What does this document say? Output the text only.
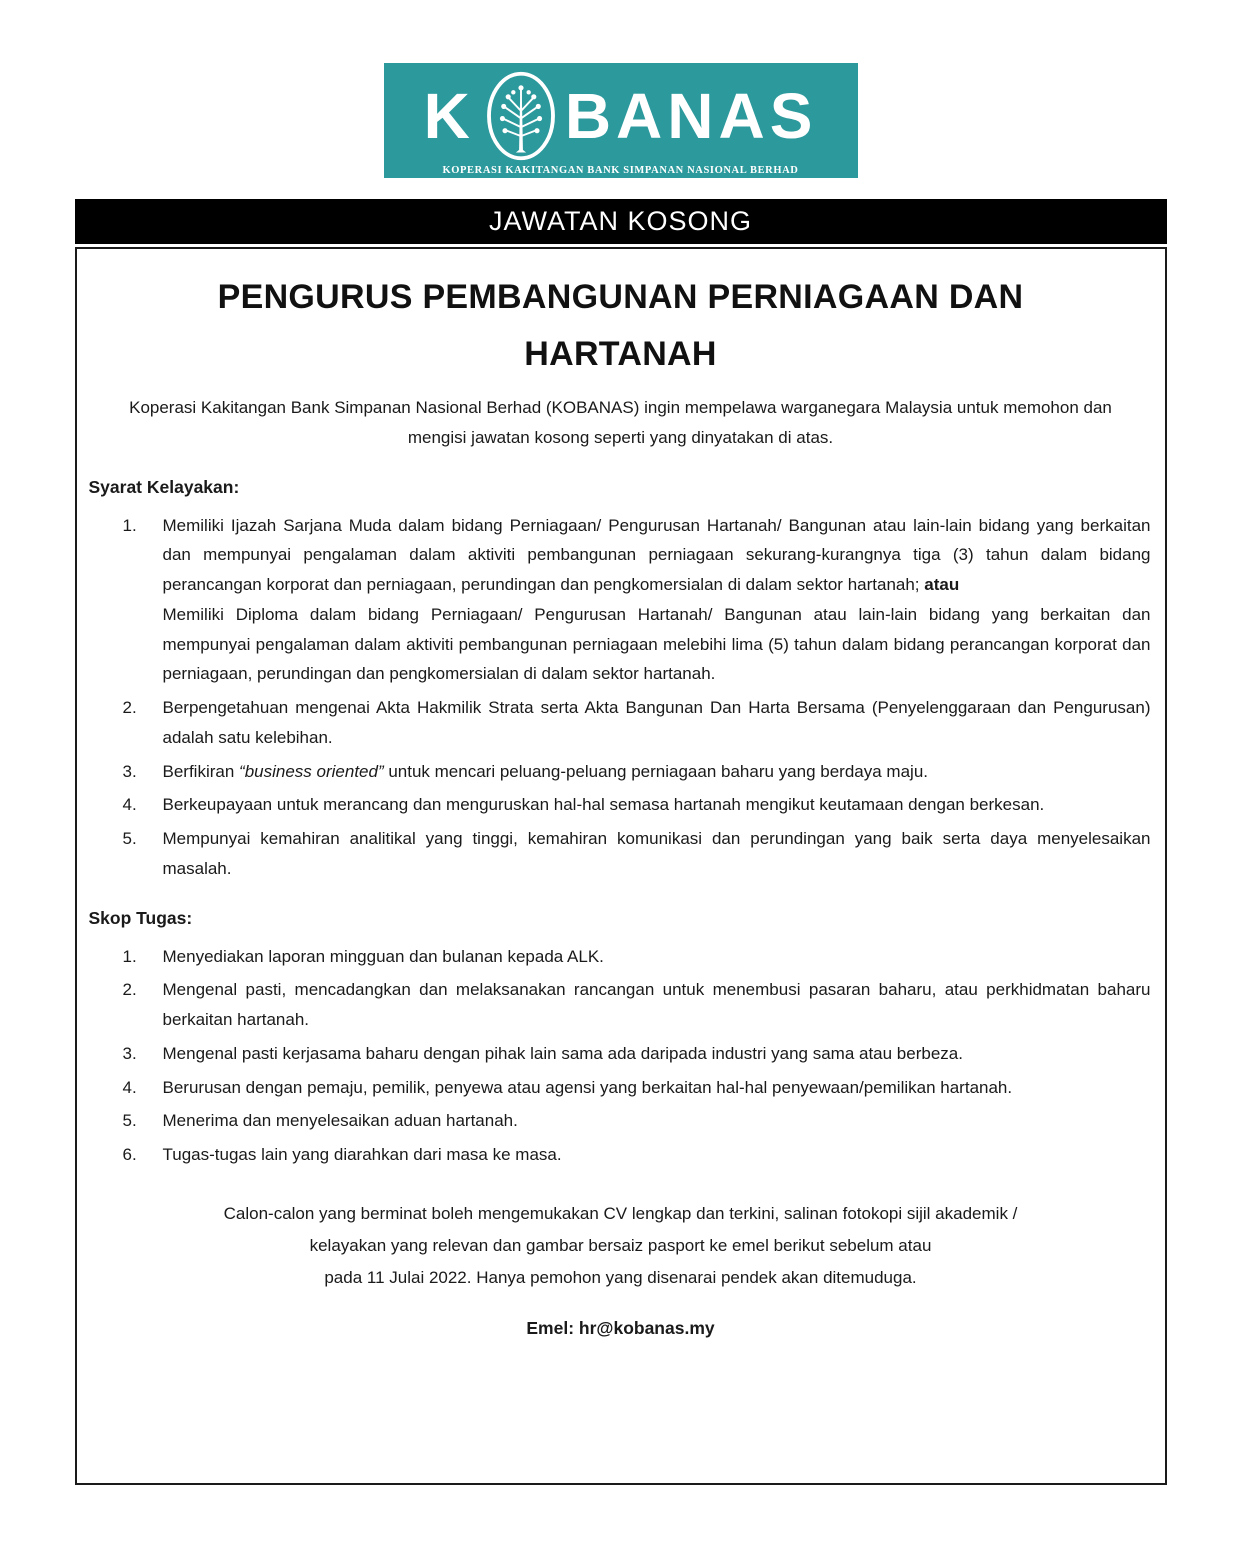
K BANAS
KOPERASI KAKITANGAN BANK SIMPANAN NASIONAL BERHAD
JAWATAN KOSONG
PENGURUS PEMBANGUNAN PERNIAGAAN DAN
HARTANAH

Koperasi Kakitangan Bank Simpanan Nasional Berhad (KOBANAS) ingin mempelawa warganegara Malaysia untuk memohon dan mengisi jawatan kosong seperti yang dinyatakan di atas.

Syarat Kelayakan:
1.	Memiliki Ijazah Sarjana Muda dalam bidang Perniagaan/ Pengurusan Hartanah/ Bangunan atau lain-lain bidang yang berkaitan dan mempunyai pengalaman dalam aktiviti pembangunan perniagaan sekurang-kurangnya tiga (3) tahun dalam bidang perancangan korporat dan perniagaan, perundingan dan pengkomersialan di dalam sektor hartanah; atau

Memiliki Diploma dalam bidang Perniagaan/ Pengurusan Hartanah/ Bangunan atau lain-lain bidang yang berkaitan dan mempunyai pengalaman dalam aktiviti pembangunan perniagaan melebihi lima (5) tahun dalam bidang perancangan korporat dan perniagaan, perundingan dan pengkomersialan di dalam sektor hartanah.

2.	Berpengetahuan mengenai Akta Hakmilik Strata serta Akta Bangunan Dan Harta Bersama (Penyelenggaraan dan Pengurusan) adalah satu kelebihan.
3.	Berfikiran “business oriented” untuk mencari peluang-peluang perniagaan baharu yang berdaya maju.
4.	Berkeupayaan untuk merancang dan menguruskan hal-hal semasa hartanah mengikut keutamaan dengan berkesan.
5.	Mempunyai kemahiran analitikal yang tinggi, kemahiran komunikasi dan perundingan yang baik serta daya menyelesaikan masalah.
Skop Tugas:
1.	Menyediakan laporan mingguan dan bulanan kepada ALK.
2.	Mengenal pasti, mencadangkan dan melaksanakan rancangan untuk menembusi pasaran baharu, atau perkhidmatan baharu berkaitan hartanah.
3.	Mengenal pasti kerjasama baharu dengan pihak lain sama ada daripada industri yang sama atau berbeza.
4.	Berurusan dengan pemaju, pemilik, penyewa atau agensi yang berkaitan hal-hal penyewaan/pemilikan hartanah.
5.	Menerima dan menyelesaikan aduan hartanah.
6.	Tugas-tugas lain yang diarahkan dari masa ke masa.

Calon-calon yang berminat boleh mengemukakan CV lengkap dan terkini, salinan fotokopi sijil akademik /
kelayakan yang relevan dan gambar bersaiz pasport ke emel berikut sebelum atau
pada 11 Julai 2022. Hanya pemohon yang disenarai pendek akan ditemuduga.

Emel: hr@kobanas.my
